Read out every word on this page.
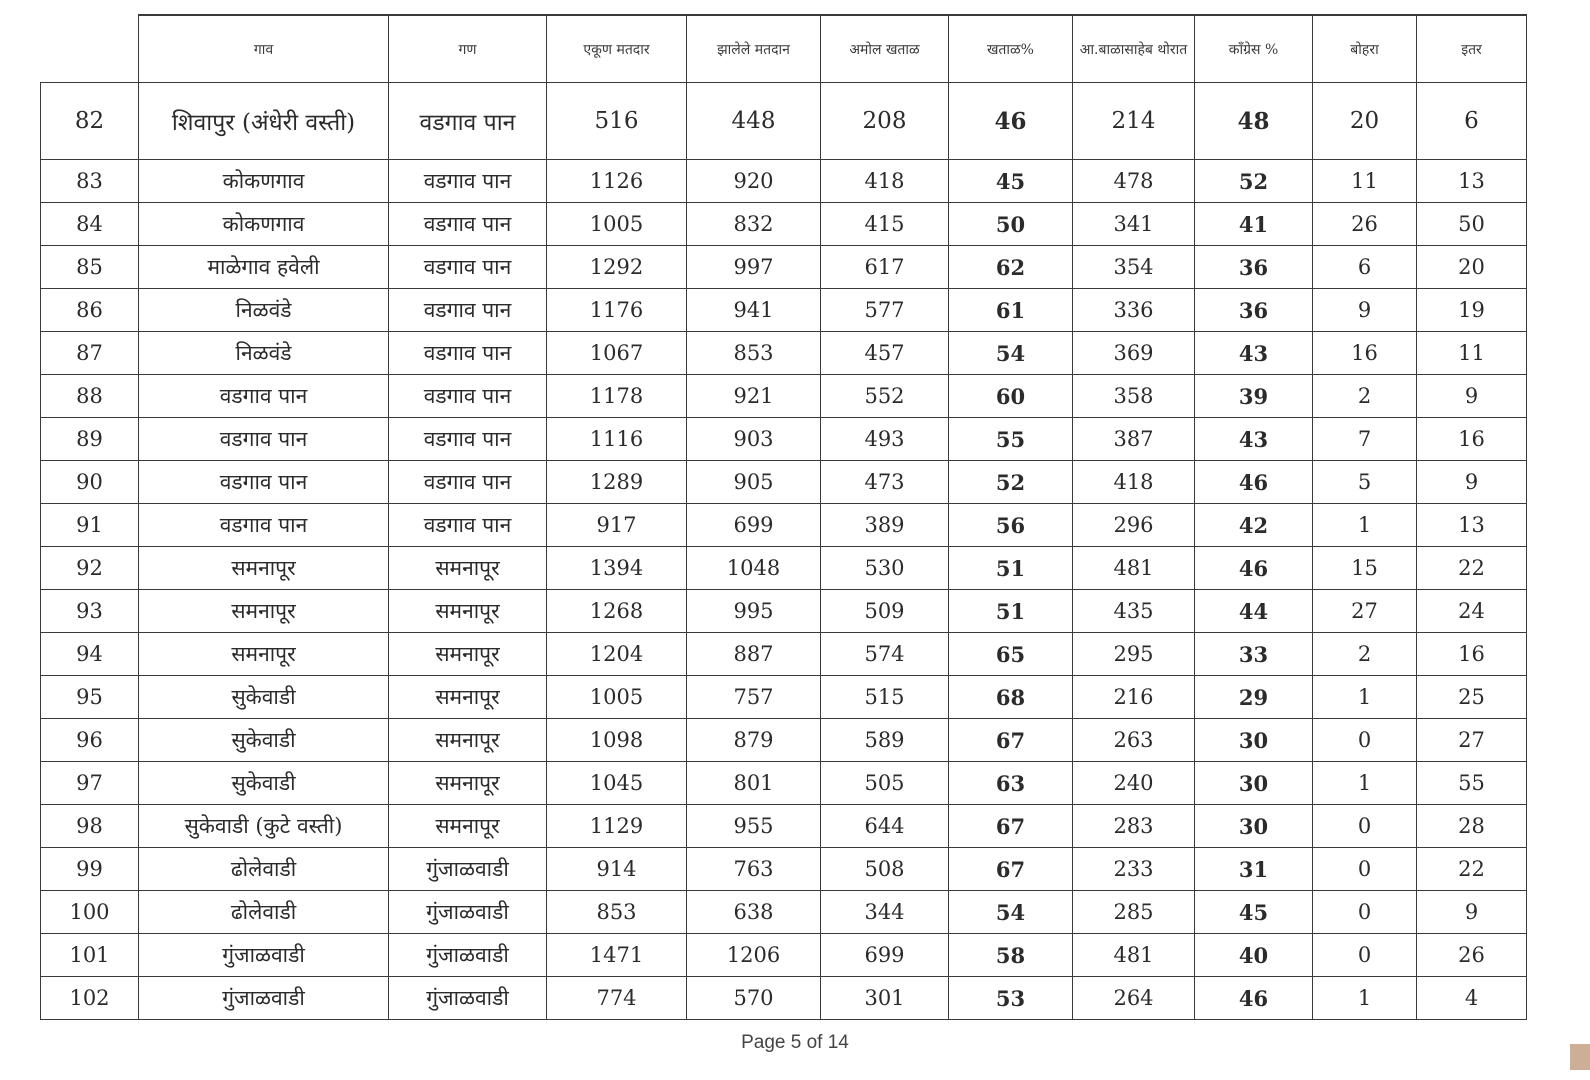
	गाव	गण	एकूण मतदार	झालेले मतदान	अमोल खताळ	खताळ%	आ.बाळासाहेब थोरात	कॉंग्रेस %	बोहरा	इतर
82	शिवापुर (अंधेरी वस्ती)	वडगाव पान	516	448	208	46	214	48	20	6
83	कोकणगाव	वडगाव पान	1126	920	418	45	478	52	11	13
84	कोकणगाव	वडगाव पान	1005	832	415	50	341	41	26	50
85	माळेगाव हवेली	वडगाव पान	1292	997	617	62	354	36	6	20
86	निळवंडे	वडगाव पान	1176	941	577	61	336	36	9	19
87	निळवंडे	वडगाव पान	1067	853	457	54	369	43	16	11
88	वडगाव पान	वडगाव पान	1178	921	552	60	358	39	2	9
89	वडगाव पान	वडगाव पान	1116	903	493	55	387	43	7	16
90	वडगाव पान	वडगाव पान	1289	905	473	52	418	46	5	9
91	वडगाव पान	वडगाव पान	917	699	389	56	296	42	1	13
92	समनापूर	समनापूर	1394	1048	530	51	481	46	15	22
93	समनापूर	समनापूर	1268	995	509	51	435	44	27	24
94	समनापूर	समनापूर	1204	887	574	65	295	33	2	16
95	सुकेवाडी	समनापूर	1005	757	515	68	216	29	1	25
96	सुकेवाडी	समनापूर	1098	879	589	67	263	30	0	27
97	सुकेवाडी	समनापूर	1045	801	505	63	240	30	1	55
98	सुकेवाडी (कुटे वस्ती)	समनापूर	1129	955	644	67	283	30	0	28
99	ढोलेवाडी	गुंजाळवाडी	914	763	508	67	233	31	0	22
100	ढोलेवाडी	गुंजाळवाडी	853	638	344	54	285	45	0	9
101	गुंजाळवाडी	गुंजाळवाडी	1471	1206	699	58	481	40	0	26
102	गुंजाळवाडी	गुंजाळवाडी	774	570	301	53	264	46	1	4
Page 5 of 14
